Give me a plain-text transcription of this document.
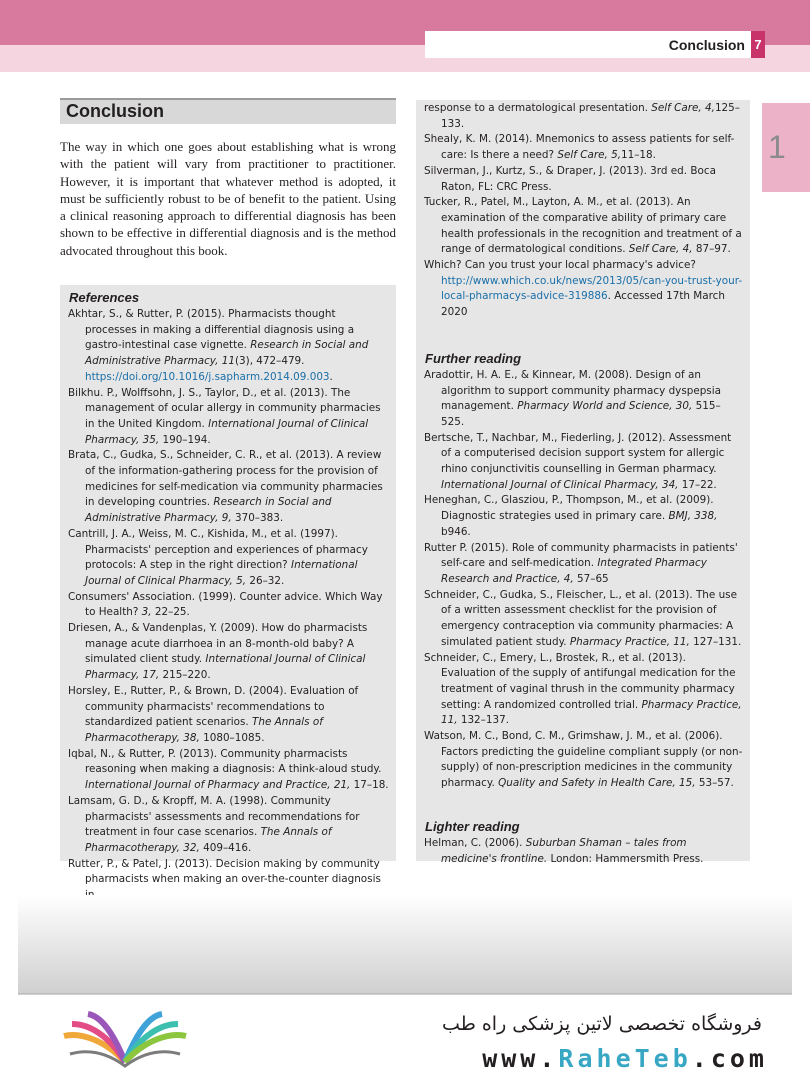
Conclusion 7
1
Conclusion

The way in which one goes about establishing what is wrong with the patient will vary from practitioner to practitioner. However, it is important that whatever method is adopted, it must be sufficiently robust to be of benefit to the patient. Using a clinical reasoning approach to differential diagnosis has been shown to be effective in differential diagnosis and is the method advocated throughout this book.

References
Akhtar, S., & Rutter, P. (2015). Pharmacists thought processes in making a differential diagnosis using a gastro-intestinal case vignette. Research in Social and Administrative Pharmacy, 11(3), 472–479. https://doi.org/10.1016/j.sapharm.2014.09.003.
Bilkhu. P., Wolffsohn, J. S., Taylor, D., et al. (2013). The management of ocular allergy in community pharmacies in the United Kingdom. International Journal of Clinical Pharmacy, 35, 190–194.
Brata, C., Gudka, S., Schneider, C. R., et al. (2013). A review of the information-gathering process for the provision of medicines for self-medication via community pharmacies in developing countries. Research in Social and Administrative Pharmacy, 9, 370–383.
Cantrill, J. A., Weiss, M. C., Kishida, M., et al. (1997). Pharmacists' perception and experiences of pharmacy protocols: A step in the right direction? International Journal of Clinical Pharmacy, 5, 26–32.
Consumers' Association. (1999). Counter advice. Which Way to Health? 3, 22–25.
Driesen, A., & Vandenplas, Y. (2009). How do pharmacists manage acute diarrhoea in an 8-month-old baby? A simulated client study. International Journal of Clinical Pharmacy, 17, 215–220.
Horsley, E., Rutter, P., & Brown, D. (2004). Evaluation of community pharmacists' recommendations to standardized patient scenarios. The Annals of Pharmacotherapy, 38, 1080–1085.
Iqbal, N., & Rutter, P. (2013). Community pharmacists reasoning when making a diagnosis: A think-aloud study. International Journal of Pharmacy and Practice, 21, 17–18.
Lamsam, G. D., & Kropff, M. A. (1998). Community pharmacists' assessments and recommendations for treatment in four case scenarios. The Annals of Pharmacotherapy, 32, 409–416.
Rutter, P., & Patel, J. (2013). Decision making by community pharmacists when making an over-the-counter diagnosis
response to a dermatological presentation. Self Care, 4,125–133.
Shealy, K. M. (2014). Mnemonics to assess patients for self-care: Is there a need? Self Care, 5,11–18.
Silverman, J., Kurtz, S., & Draper, J. (2013). 3rd ed. Boca Raton, FL: CRC Press.
Tucker, R., Patel, M., Layton, A. M., et al. (2013). An examination of the comparative ability of primary care health professionals in the recognition and treatment of a range of dermatological conditions. Self Care, 4, 87–97.
Which? Can you trust your local pharmacy's advice? http://www.which.co.uk/news/2013/05/can-you-trust-your-local-pharmacys-advice-319886. Accessed 17th March 2020
Further reading
Aradottir, H. A. E., & Kinnear, M. (2008). Design of an algorithm to support community pharmacy dyspepsia management. Pharmacy World and Science, 30, 515–525.
Bertsche, T., Nachbar, M., Fiederling, J. (2012). Assessment of a computerised decision support system for allergic rhino conjunctivitis counselling in German pharmacy. International Journal of Clinical Pharmacy, 34, 17–22.
Heneghan, C., Glasziou, P., Thompson, M., et al. (2009). Diagnostic strategies used in primary care. BMJ, 338, b946.
Rutter P. (2015). Role of community pharmacists in patients' self-care and self-medication. Integrated Pharmacy Research and Practice, 4, 57–65
Schneider, C., Gudka, S., Fleischer, L., et al. (2013). The use of a written assessment checklist for the provision of emergency contraception via community pharmacies: A simulated patient study. Pharmacy Practice, 11, 127–131.
Schneider, C., Emery, L., Brostek, R., et al. (2013). Evaluation of the supply of antifungal medication for the treatment of vaginal thrush in the community pharmacy setting: A randomized controlled trial. Pharmacy Practice, 11, 132–137.
Watson, M. C., Bond, C. M., Grimshaw, J. M., et al. (2006). Factors predicting the guideline compliant supply (or non-supply) of non-prescription medicines in the community pharmacy. Quality and Safety in Health Care, 15, 53–57.
Lighter reading
Helman, C. (2006). Suburban Shaman – tales from medicine's frontline. London: Hammersmith Press.
فروشگاه تخصصی لاتین پزشکی راه طب
www.RaheTeb.com
